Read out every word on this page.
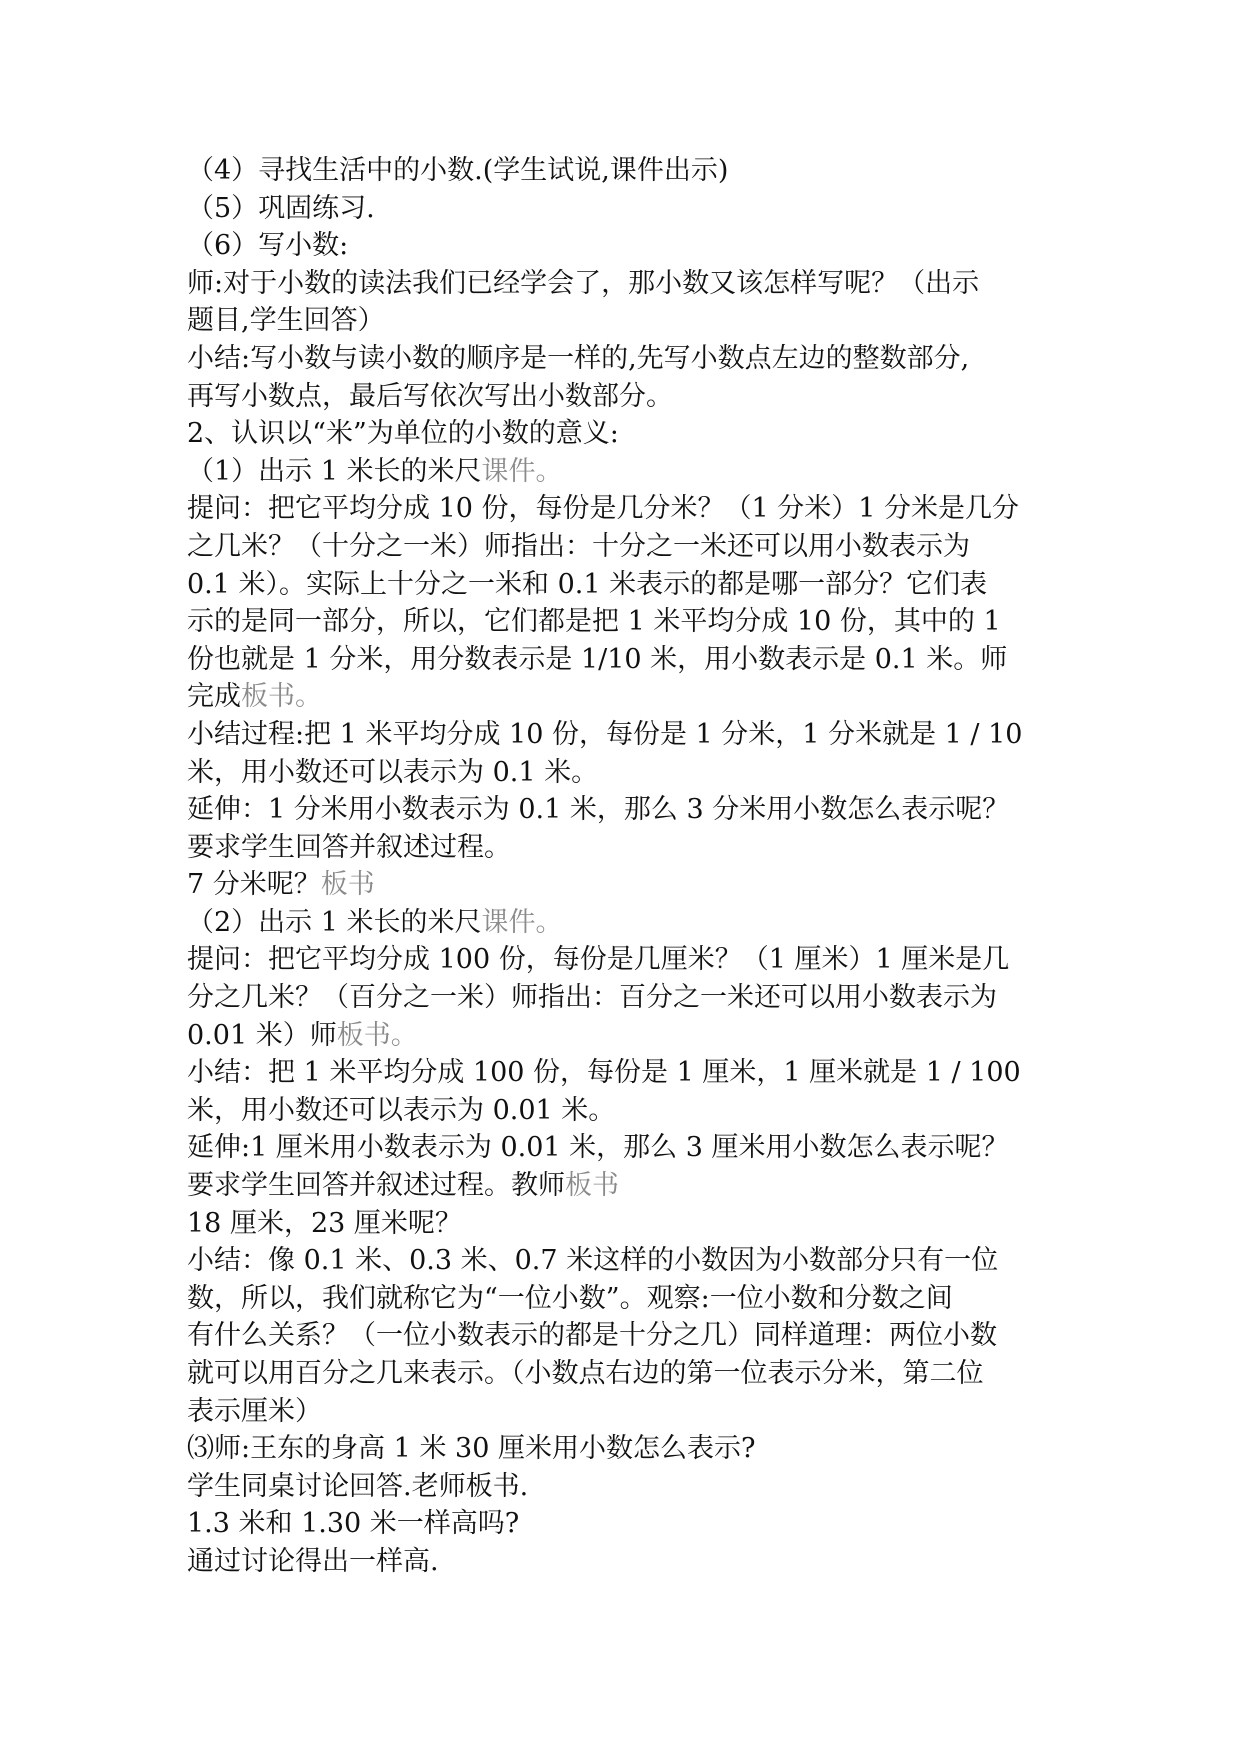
（4）寻找生活中的小数.(学生试说,课件出示)
（5）巩固练习.
（6）写小数:
师:对于小数的读法我们已经学会了，那小数又该怎样写呢？（出示
题目,学生回答）
小结:写小数与读小数的顺序是一样的,先写小数点左边的整数部分,
再写小数点，最后写依次写出小数部分。
2、认识以“米”为单位的小数的意义:
（1）出示 1 米长的米尺课件。
提问：把它平均分成 10 份，每份是几分米？（1 分米）1 分米是几分
之几米？（十分之一米）师指出：十分之一米还可以用小数表示为
0.1 米）。实际上十分之一米和 0.1 米表示的都是哪一部分？它们表
示的是同一部分，所以，它们都是把 1 米平均分成 10 份，其中的 1
份也就是 1 分米，用分数表示是 1/10 米，用小数表示是 0.1 米。师
完成板书。
小结过程:把 1 米平均分成 10 份，每份是 1 分米，1 分米就是 1 / 10
米，用小数还可以表示为 0.1 米。
延伸：1 分米用小数表示为 0.1 米，那么 3 分米用小数怎么表示呢？
要求学生回答并叙述过程。
7 分米呢？板书
（2）出示 1 米长的米尺课件。
提问：把它平均分成 100 份，每份是几厘米？（1 厘米）1 厘米是几
分之几米？（百分之一米）师指出：百分之一米还可以用小数表示为
0.01 米）师板书。
小结：把 1 米平均分成 100 份，每份是 1 厘米，1 厘米就是 1 / 100
米，用小数还可以表示为 0.01 米。
延伸:1 厘米用小数表示为 0.01 米，那么 3 厘米用小数怎么表示呢？
要求学生回答并叙述过程。教师板书
18 厘米，23 厘米呢？
小结：像 0.1 米、0.3 米、0.7 米这样的小数因为小数部分只有一位
数，所以，我们就称它为“一位小数”。观察:一位小数和分数之间
有什么关系？（一位小数表示的都是十分之几）同样道理：两位小数
就可以用百分之几来表示。（小数点右边的第一位表示分米，第二位
表示厘米）
⑶师:王东的身高 1 米 30 厘米用小数怎么表示?
学生同桌讨论回答.老师板书.
1.3 米和 1.30 米一样高吗?
通过讨论得出一样高.
